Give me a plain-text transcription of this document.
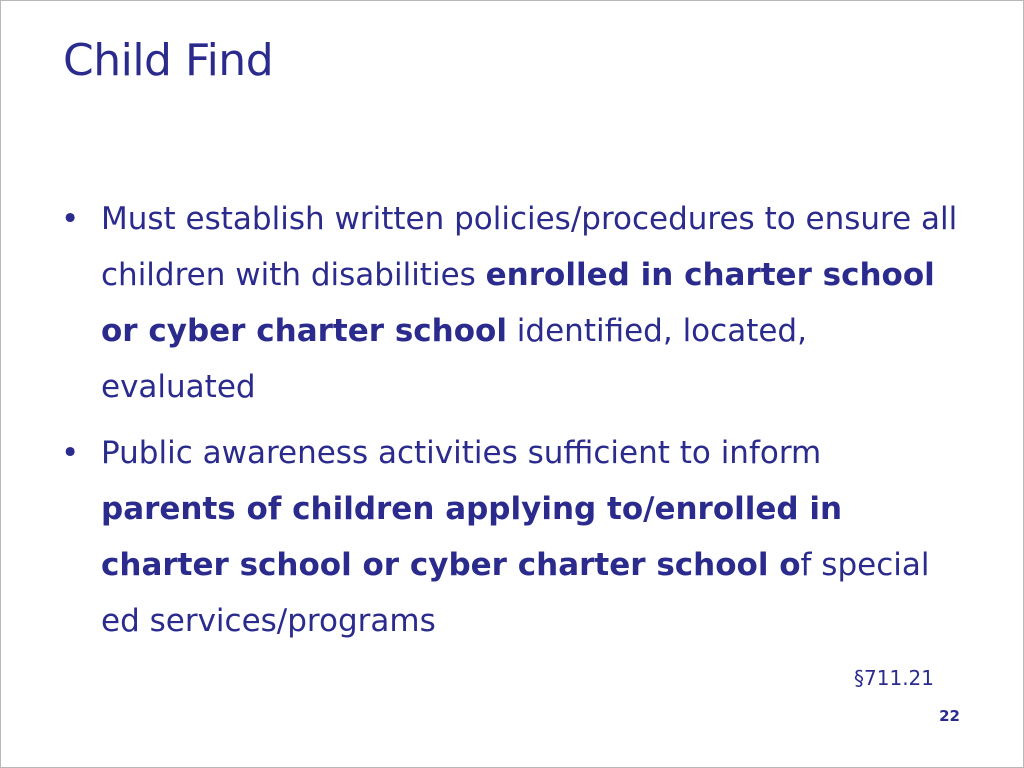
Child Find
• Must establish written policies/procedures to ensure all children with disabilities enrolled in charter school or cyber charter school identified, located, evaluated
• Public awareness activities sufficient to inform parents of children applying to/enrolled in charter school or cyber charter school of special ed services/programs
§711.21
22
